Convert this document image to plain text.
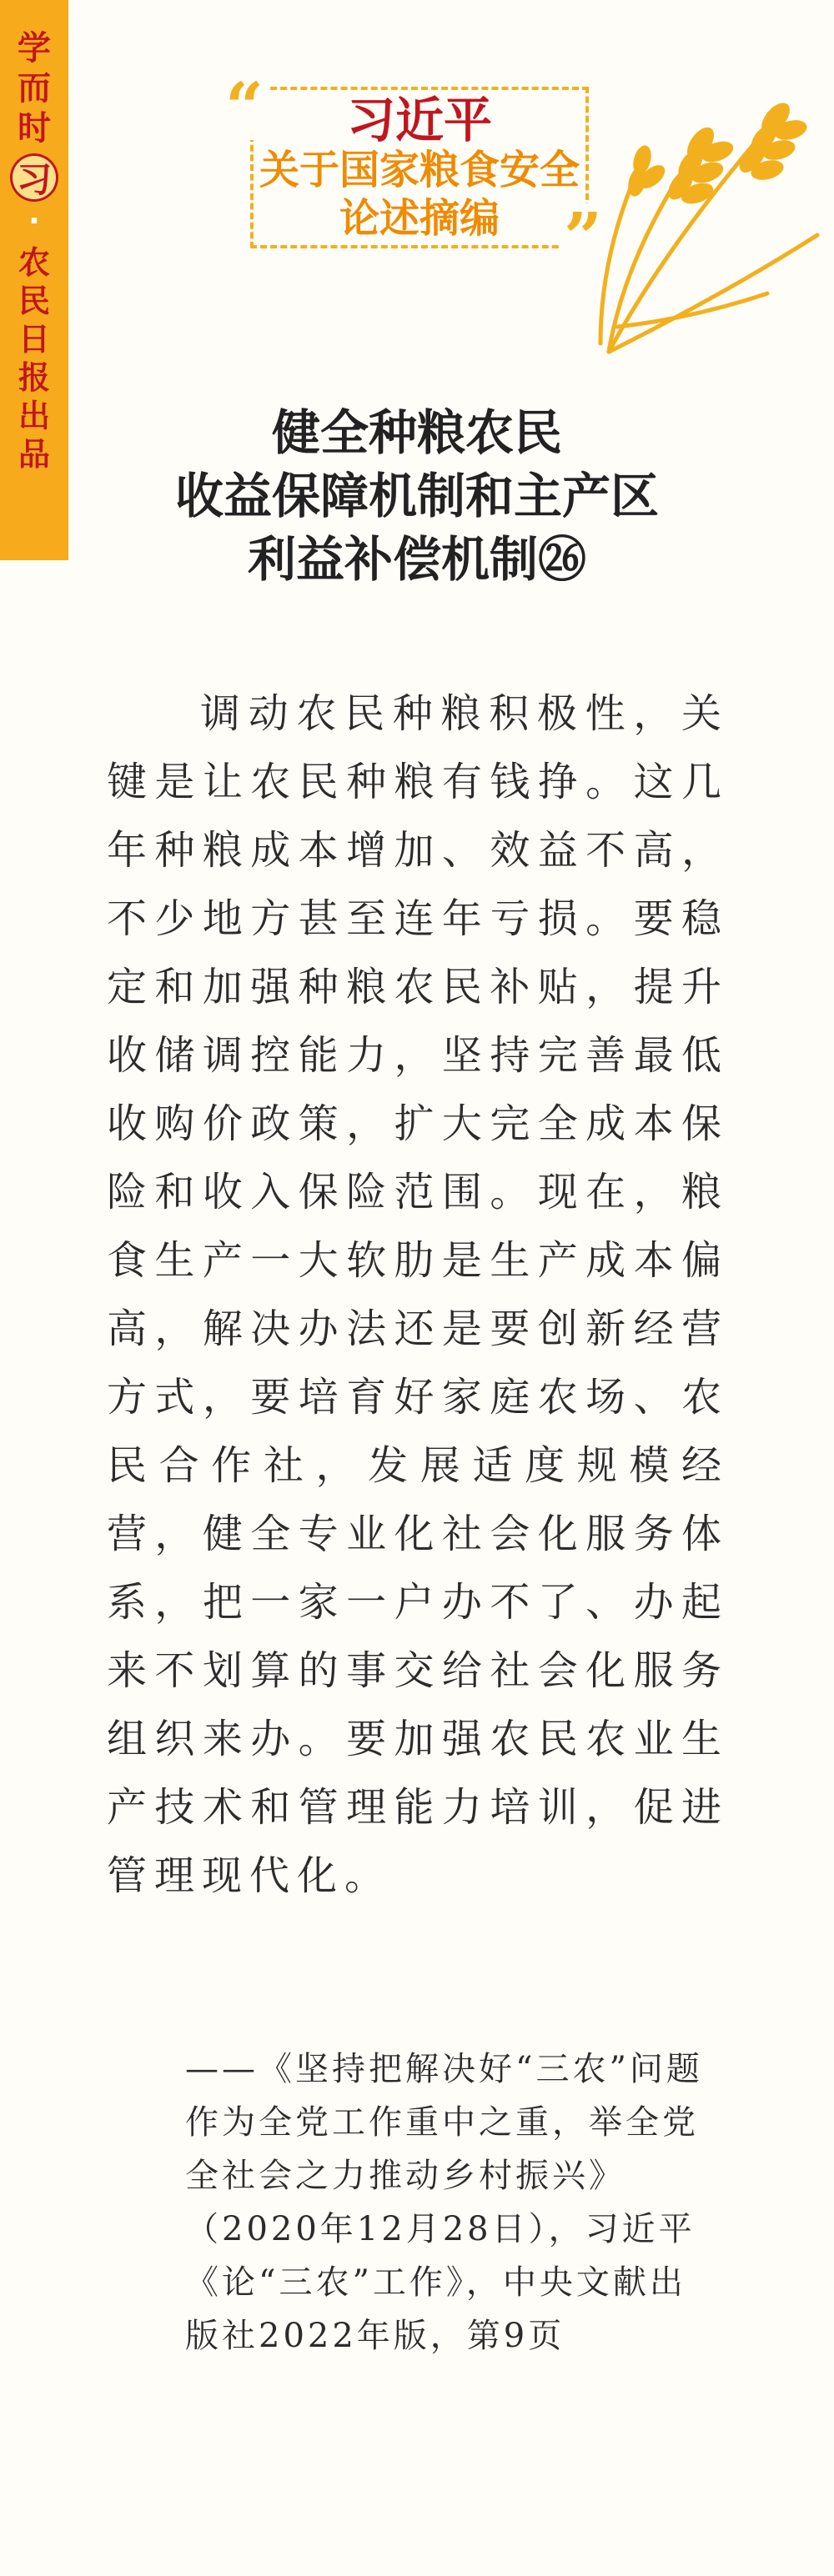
学
而
时
习
·
农
民
日
报
出
品
“
”
习近平
关于国家粮食安全
论述摘编
健全种粮农民
收益保障机制和主产区
利益补偿机制㉖

调动农民种粮积极性，关键是让农民种粮有钱挣。这几年种粮成本增加、效益不高，不少地方甚至连年亏损。要稳定和加强种粮农民补贴，提升收储调控能力，坚持完善最低收购价政策，扩大完全成本保险和收入保险范围。现在，粮食生产一大软肋是生产成本偏高，解决办法还是要创新经营方式，要培育好家庭农场、农民合作社，发展适度规模经营，健全专业化社会化服务体系，把一家一户办不了、办起来不划算的事交给社会化服务组织来办。要加强农民农业生产技术和管理能力培训，促进管理现代化。

——《坚持把解决好“三农”问题作为全党工作重中之重，举全党全社会之力推动乡村振兴》（2020年12月28日），习近平《论“三农”工作》，中央文献出版社2022年版，第9页
